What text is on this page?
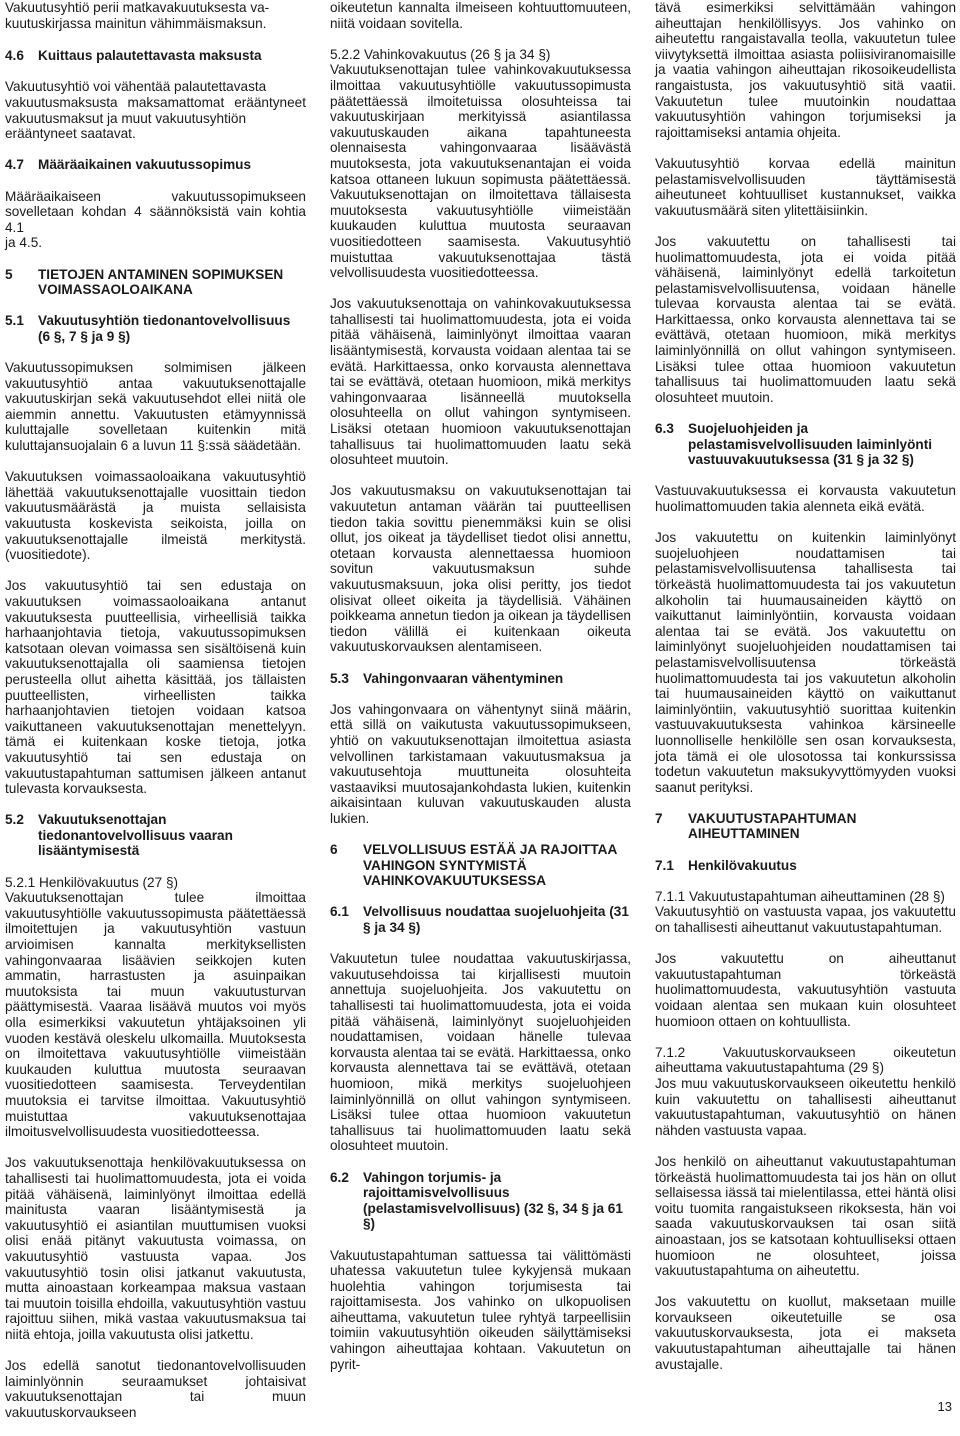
Vakuutusyhtiö perii matkavakuutuksesta va-
kuutuskirjassa mainitun vähimmäismaksun.
4.6	Kuittaus palautettavasta maksusta
Vakuutusyhtiö voi vähentää palautettavasta
vakuutusmaksusta maksamattomat erääntyneet vakuutusmaksut ja muut vakuutusyhtiön
erääntyneet saatavat.
4.7	Määräaikainen vakuutussopimus
Määräaikaiseen vakuutussopimukseen sovelletaan kohdan 4 säännöksistä vain kohtia 4.1
ja 4.5.
5	TIETOJEN ANTAMINEN SOPIMUKSEN
VOIMASSAOLOAIKANA
5.1	Vakuutusyhtiön tiedonantovelvollisuus (6 §, 7 § ja 9 §)
Vakuutussopimuksen solmimisen jälkeen vakuutusyhtiö antaa vakuutuksenottajalle vakuutuskirjan sekä vakuutusehdot ellei niitä ole aiemmin annettu. Vakuutusten etämyynnissä kuluttajalle sovelletaan kuitenkin mitä kuluttajansuojalain 6 a luvun 11 §:ssä säädetään.
Vakuutuksen voimassaoloaikana vakuutusyhtiö lähettää vakuutuksenottajalle vuosittain tiedon vakuutusmäärästä ja muista sellaisista vakuutusta koskevista seikoista, joilla on vakuutuksenottajalle ilmeistä merkitystä. (vuositiedote).
Jos vakuutusyhtiö tai sen edustaja on vakuutuksen voimassaoloaikana antanut vakuutuksesta puutteellisia, virheellisiä taikka harhaanjohtavia tietoja, vakuutussopimuksen katsotaan olevan voimassa sen sisältöisenä kuin vakuutuksenottajalla oli saamiensa tietojen perusteella ollut aihetta käsittää, jos tällaisten puutteellisten, virheellisten taikka harhaanjohtavien tietojen voidaan katsoa vaikuttaneen vakuutuksenottajan menettelyyn. tämä ei kuitenkaan koske tietoja, jotka vakuutusyhtiö tai sen edustaja on vakuutustapahtuman sattumisen jälkeen antanut tulevasta korvauksesta.
5.2	Vakuutuksenottajan tiedonantovelvollisuus vaaran lisääntymisestä
5.2.1 Henkilövakuutus (27 §)
Vakuutuksenottajan tulee ilmoittaa vakuutusyhtiölle vakuutussopimusta päätettäessä ilmoitettujen ja vakuutusyhtiön vastuun arvioimisen kannalta merkityksellisten vahingonvaaraa lisäävien seikkojen kuten ammatin, harrastusten ja asuinpaikan muutoksista tai muun vakuutusturvan päättymisestä. Vaaraa lisäävä muutos voi myös olla esimerkiksi vakuutetun yhtäjaksoinen yli vuoden kestävä oleskelu ulkomailla. Muutoksesta on ilmoitettava vakuutusyhtiölle viimeistään kuukauden kuluttua muutosta seuraavan vuositiedotteen saamisesta. Terveydentilan muutoksia ei tarvitse ilmoittaa. Vakuutusyhtiö muistuttaa vakuutuksenottajaa ilmoitusvelvollisuudesta vuositiedotteessa.
Jos vakuutuksenottaja henkilövakuutuksessa on tahallisesti tai huolimattomuudesta, jota ei voida pitää vähäisenä, laiminlyönyt ilmoittaa edellä mainitusta vaaran lisääntymisestä ja vakuutusyhtiö ei asiantilan muuttumisen vuoksi olisi enää pitänyt vakuutusta voimassa, on vakuutusyhtiö vastuusta vapaa. Jos vakuutusyhtiö tosin olisi jatkanut vakuutusta, mutta ainoastaan korkeampaa maksua vastaan tai muutoin toisilla ehdoilla, vakuutusyhtiön vastuu rajoittuu siihen, mikä vastaa vakuutusmaksua tai niitä ehtoja, joilla vakuutusta olisi jatkettu.
Jos edellä sanotut tiedonantovelvollisuuden laiminlyönnin seuraamukset johtaisivat vakuutuksenottajan tai muun vakuutuskorvaukseen
oikeutetun kannalta ilmeiseen kohtuuttomuuteen, niitä voidaan sovitella.
5.2.2 Vahinkovakuutus (26 § ja 34 §)
Vakuutuksenottajan tulee vahinkovakuutuksessa ilmoittaa vakuutusyhtiölle vakuutussopimusta päätettäessä ilmoitetuissa olosuhteissa tai vakuutuskirjaan merkityissä asiantilassa vakuutuskauden aikana tapahtuneesta olennaisesta vahingonvaaraa lisäävästä muutoksesta, jota vakuutuksenantajan ei voida katsoa ottaneen lukuun sopimusta päätettäessä. Vakuutuksenottajan on ilmoitettava tällaisesta muutoksesta vakuutusyhtiölle viimeistään kuukauden kuluttua muutosta seuraavan vuositiedotteen saamisesta. Vakuutusyhtiö muistuttaa vakuutuksenottajaa tästä velvollisuudesta vuositiedotteessa.
Jos vakuutuksenottaja on vahinkovakuutuksessa tahallisesti tai huolimattomuudesta, jota ei voida pitää vähäisenä, laiminlyönyt ilmoittaa vaaran lisääntymisestä, korvausta voidaan alentaa tai se evätä. Harkittaessa, onko korvausta alennettava tai se evättävä, otetaan huomioon, mikä merkitys vahingonvaaraa lisänneellä muutoksella olosuhteella on ollut vahingon syntymiseen. Lisäksi otetaan huomioon vakuutuksenottajan tahallisuus tai huolimattomuuden laatu sekä olosuhteet muutoin.
Jos vakuutusmaksu on vakuutuksenottajan tai vakuutetun antaman väärän tai puutteellisen tiedon takia sovittu pienemmäksi kuin se olisi ollut, jos oikeat ja täydelliset tiedot olisi annettu, otetaan korvausta alennettaessa huomioon sovitun vakuutusmaksun suhde vakuutusmaksuun, joka olisi peritty, jos tiedot olisivat olleet oikeita ja täydellisiä. Vähäinen poikkeama annetun tiedon ja oikean ja täydellisen tiedon välillä ei kuitenkaan oikeuta vakuutuskorvauksen alentamiseen.
5.3	Vahingonvaaran vähentyminen
Jos vahingonvaara on vähentynyt siinä määrin, että sillä on vaikutusta vakuutussopimukseen, yhtiö on vakuutuksenottajan ilmoitettua asiasta velvollinen tarkistamaan vakuutusmaksua ja vakuutusehtoja muuttuneita olosuhteita vastaaviksi muutosajankohdasta lukien, kuitenkin aikaisintaan kuluvan vakuutuskauden alusta lukien.
6	VELVOLLISUUS ESTÄÄ JA RAJOITTAA VAHINGON SYNTYMISTÄ VAHINKOVAKUUTUKSESSA
6.1	Velvollisuus noudattaa suojeluohjeita (31 § ja 34 §)
Vakuutetun tulee noudattaa vakuutuskirjassa, vakuutusehdoissa tai kirjallisesti muutoin annettuja suojeluohjeita. Jos vakuutettu on tahallisesti tai huolimattomuudesta, jota ei voida pitää vähäisenä, laiminlyönyt suojeluohjeiden noudattamisen, voidaan hänelle tulevaa korvausta alentaa tai se evätä. Harkittaessa, onko korvausta alennettava tai se evättävä, otetaan huomioon, mikä merkitys suojeluohjeen laiminlyönnillä on ollut vahingon syntymiseen. Lisäksi tulee ottaa huomioon vakuutetun tahallisuus tai huolimattomuuden laatu sekä olosuhteet muutoin.
6.2	Vahingon torjumis- ja rajoittamisvelvollisuus (pelastamisvelvollisuus) (32 §, 34 § ja 61 §)
Vakuutustapahtuman sattuessa tai välittömästi uhatessa vakuutetun tulee kykyjensä mukaan huolehtia vahingon torjumisesta tai rajoittamisesta. Jos vahinko on ulkopuolisen aiheuttama, vakuutetun tulee ryhtyä tarpeellisiin toimiin vakuutusyhtiön oikeuden säilyttämiseksi vahingon aiheuttajaa kohtaan. Vakuutetun on pyrit-
tävä esimerkiksi selvittämään vahingon aiheuttajan henkilöllisyys. Jos vahinko on aiheutettu rangaistavalla teolla, vakuutetun tulee viivytyksettä ilmoittaa asiasta poliisiviranomaisille ja vaatia vahingon aiheuttajan rikosoikeudellista rangaistusta, jos vakuutusyhtiö sitä vaatii. Vakuutetun tulee muutoinkin noudattaa vakuutusyhtiön vahingon torjumiseksi ja rajoittamiseksi antamia ohjeita.
Vakuutusyhtiö korvaa edellä mainitun pelastamisvelvollisuuden täyttämisestä aiheutuneet kohtuulliset kustannukset, vaikka vakuutusmäärä siten ylitettäisiinkin.
Jos vakuutettu on tahallisesti tai huolimattomuudesta, jota ei voida pitää vähäisenä, laiminlyönyt edellä tarkoitetun pelastamisvelvollisuutensa, voidaan hänelle tulevaa korvausta alentaa tai se evätä. Harkittaessa, onko korvausta alennettava tai se evättävä, otetaan huomioon, mikä merkitys laiminlyönnillä on ollut vahingon syntymiseen. Lisäksi tulee ottaa huomioon vakuutetun tahallisuus tai huolimattomuuden laatu sekä olosuhteet muutoin.
6.3	Suojeluohjeiden ja pelastamisvelvollisuuden laiminlyönti vastuuvakuutuksessa (31 § ja 32 §)
Vastuuvakuutuksessa ei korvausta vakuutetun huolimattomuuden takia alenneta eikä evätä.
Jos vakuutettu on kuitenkin laiminlyönyt suojeluohjeen noudattamisen tai pelastamisvelvollisuutensa tahallisesta tai törkeästä huolimattomuudesta tai jos vakuutetun alkoholin tai huumausaineiden käyttö on vaikuttanut laiminlyöntiin, korvausta voidaan alentaa tai se evätä. Jos vakuutettu on laiminlyönyt suojeluohjeiden noudattamisen tai pelastamisvelvollisuutensa törkeästä huolimattomuudesta tai jos vakuutetun alkoholin tai huumausaineiden käyttö on vaikuttanut laiminlyöntiin, vakuutusyhtiö suorittaa kuitenkin vastuuvakuutuksesta vahinkoa kärsineelle luonnolliselle henkilölle sen osan korvauksesta, jota tämä ei ole ulosotossa tai konkurssissa todetun vakuutetun maksukyvyttömyyden vuoksi saanut perityksi.
7	VAKUUTUSTAPAHTUMAN AIHEUTTAMINEN
7.1	Henkilövakuutus
7.1.1 Vakuutustapahtuman aiheuttaminen (28 §)
Vakuutusyhtiö on vastuusta vapaa, jos vakuutettu on tahallisesti aiheuttanut vakuutustapahtuman.
Jos vakuutettu on aiheuttanut vakuutustapahtuman törkeästä huolimattomuudesta, vakuutusyhtiön vastuuta voidaan alentaa sen mukaan kuin olosuhteet huomioon ottaen on kohtuullista.
7.1.2 Vakuutuskorvaukseen oikeutetun aiheuttama vakuutustapahtuma (29 §)
Jos muu vakuutuskorvaukseen oikeutettu henkilö kuin vakuutettu on tahallisesti aiheuttanut vakuutustapahtuman, vakuutusyhtiö on hänen nähden vastuusta vapaa.
Jos henkilö on aiheuttanut vakuutustapahtuman törkeästä huolimattomuudesta tai jos hän on ollut sellaisessa iässä tai mielentilassa, ettei häntä olisi voitu tuomita rangaistukseen rikoksesta, hän voi saada vakuutuskorvauksen tai osan siitä ainoastaan, jos se katsotaan kohtuulliseksi ottaen huomioon ne olosuhteet, joissa vakuutustapahtuma on aiheutettu.
Jos vakuutettu on kuollut, maksetaan muille korvaukseen oikeutetuille se osa vakuutuskorvauksesta, jota ei makseta vakuutustapahtuman aiheuttajalle tai hänen avustajalle.
13
